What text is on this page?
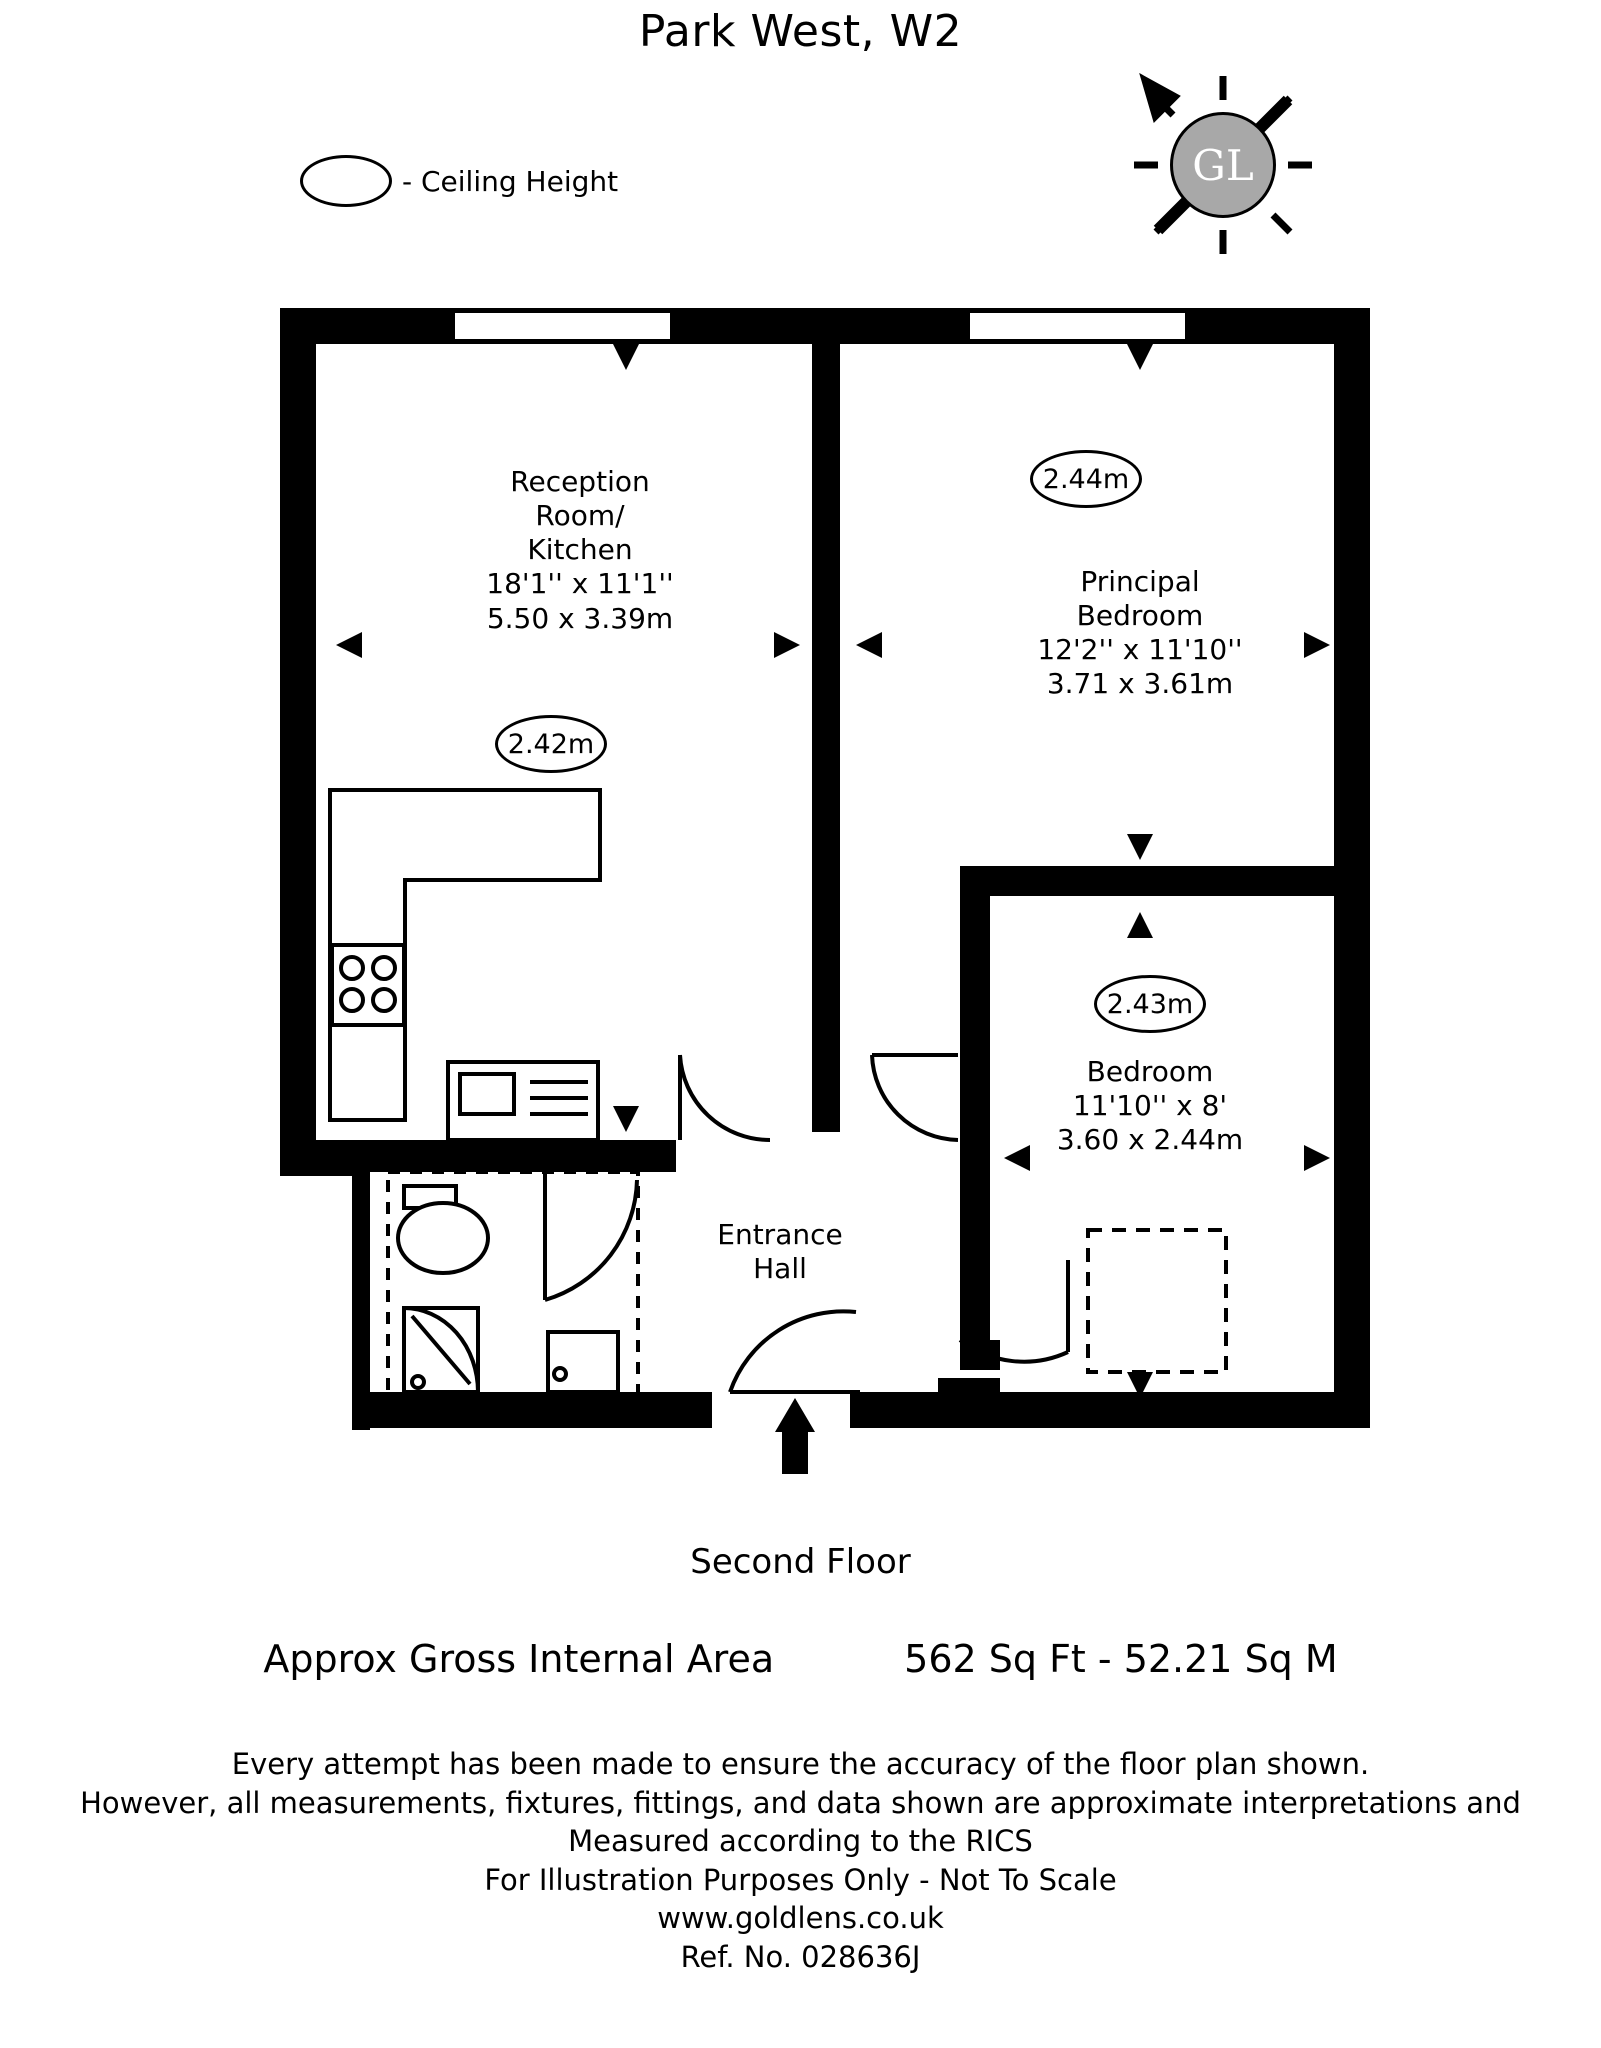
Park West, W2
- Ceiling Height	GL
Reception
Room/
Kitchen
18'1'' x 11'1''
5.50 x 3.39m
2.42m
Principal
Bedroom
12'2'' x 11'10''
3.71 x 3.61m
2.44m
Bedroom
11'10'' x 8'
3.60 x 2.44m
2.43m
Entrance
Hall
Second Floor
Approx Gross Internal Area	562 Sq Ft - 52.21 Sq M
Every attempt has been made to ensure the accuracy of the floor plan shown.
However, all measurements, fixtures, fittings, and data shown are approximate interpretations and
Measured according to the RICS
For Illustration Purposes Only - Not To Scale
www.goldlens.co.uk
Ref. No. 028636J
